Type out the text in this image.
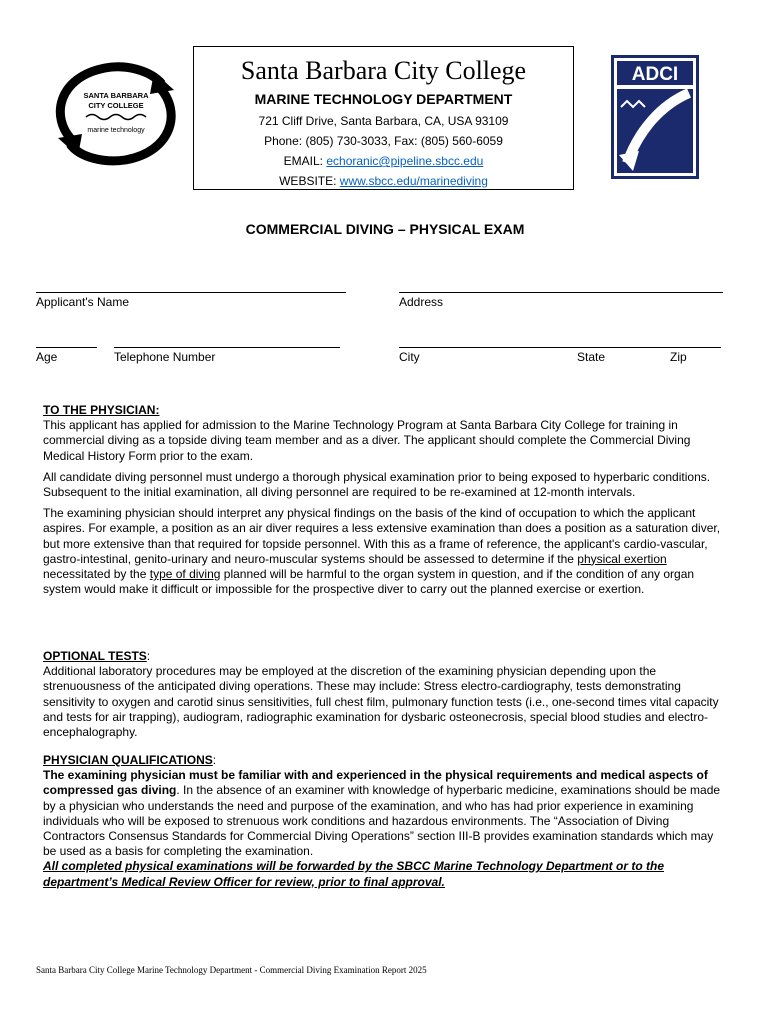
SANTA BARBARA
CITY COLLEGE
marine technology
Santa Barbara City College
MARINE TECHNOLOGY DEPARTMENT
721 Cliff Drive, Santa Barbara, CA, USA 93109
Phone: (805) 730-3033, Fax: (805) 560-6059
EMAIL: echoranic@pipeline.sbcc.edu
WEBSITE: www.sbcc.edu/marinediving
ADCI
COMMERCIAL DIVING – PHYSICAL EXAM
Applicant's Name	Address
Age	Telephone Number	City	State	Zip
TO THE PHYSICIAN:
This applicant has applied for admission to the Marine Technology Program at Santa Barbara City College for training in commercial diving as a topside diving team member and as a diver. The applicant should complete the Commercial Diving Medical History Form prior to the exam.
All candidate diving personnel must undergo a thorough physical examination prior to being exposed to hyperbaric conditions. Subsequent to the initial examination, all diving personnel are required to be re-examined at 12-month intervals.
The examining physician should interpret any physical findings on the basis of the kind of occupation to which the applicant aspires. For example, a position as an air diver requires a less extensive examination than does a position as a saturation diver, but more extensive than that required for topside personnel. With this as a frame of reference, the applicant's cardio-vascular, gastro-intestinal, genito-urinary and neuro-muscular systems should be assessed to determine if the physical exertion necessitated by the type of diving planned will be harmful to the organ system in question, and if the condition of any organ system would make it difficult or impossible for the prospective diver to carry out the planned exercise or exertion.
OPTIONAL TESTS:
Additional laboratory procedures may be employed at the discretion of the examining physician depending upon the strenuousness of the anticipated diving operations. These may include: Stress electro-cardiography, tests demonstrating sensitivity to oxygen and carotid sinus sensitivities, full chest film, pulmonary function tests (i.e., one-second times vital capacity and tests for air trapping), audiogram, radiographic examination for dysbaric osteonecrosis, special blood studies and electro-encephalography.
PHYSICIAN QUALIFICATIONS:
The examining physician must be familiar with and experienced in the physical requirements and medical aspects of compressed gas diving. In the absence of an examiner with knowledge of hyperbaric medicine, examinations should be made by a physician who understands the need and purpose of the examination, and who has had prior experience in examining individuals who will be exposed to strenuous work conditions and hazardous environments. The “Association of Diving Contractors Consensus Standards for Commercial Diving Operations” section III-B provides examination standards which may be used as a basis for completing the examination.
All completed physical examinations will be forwarded by the SBCC Marine Technology Department or to the department’s Medical Review Officer for review, prior to final approval.
Santa Barbara City College Marine Technology Department - Commercial Diving Examination Report 2025
